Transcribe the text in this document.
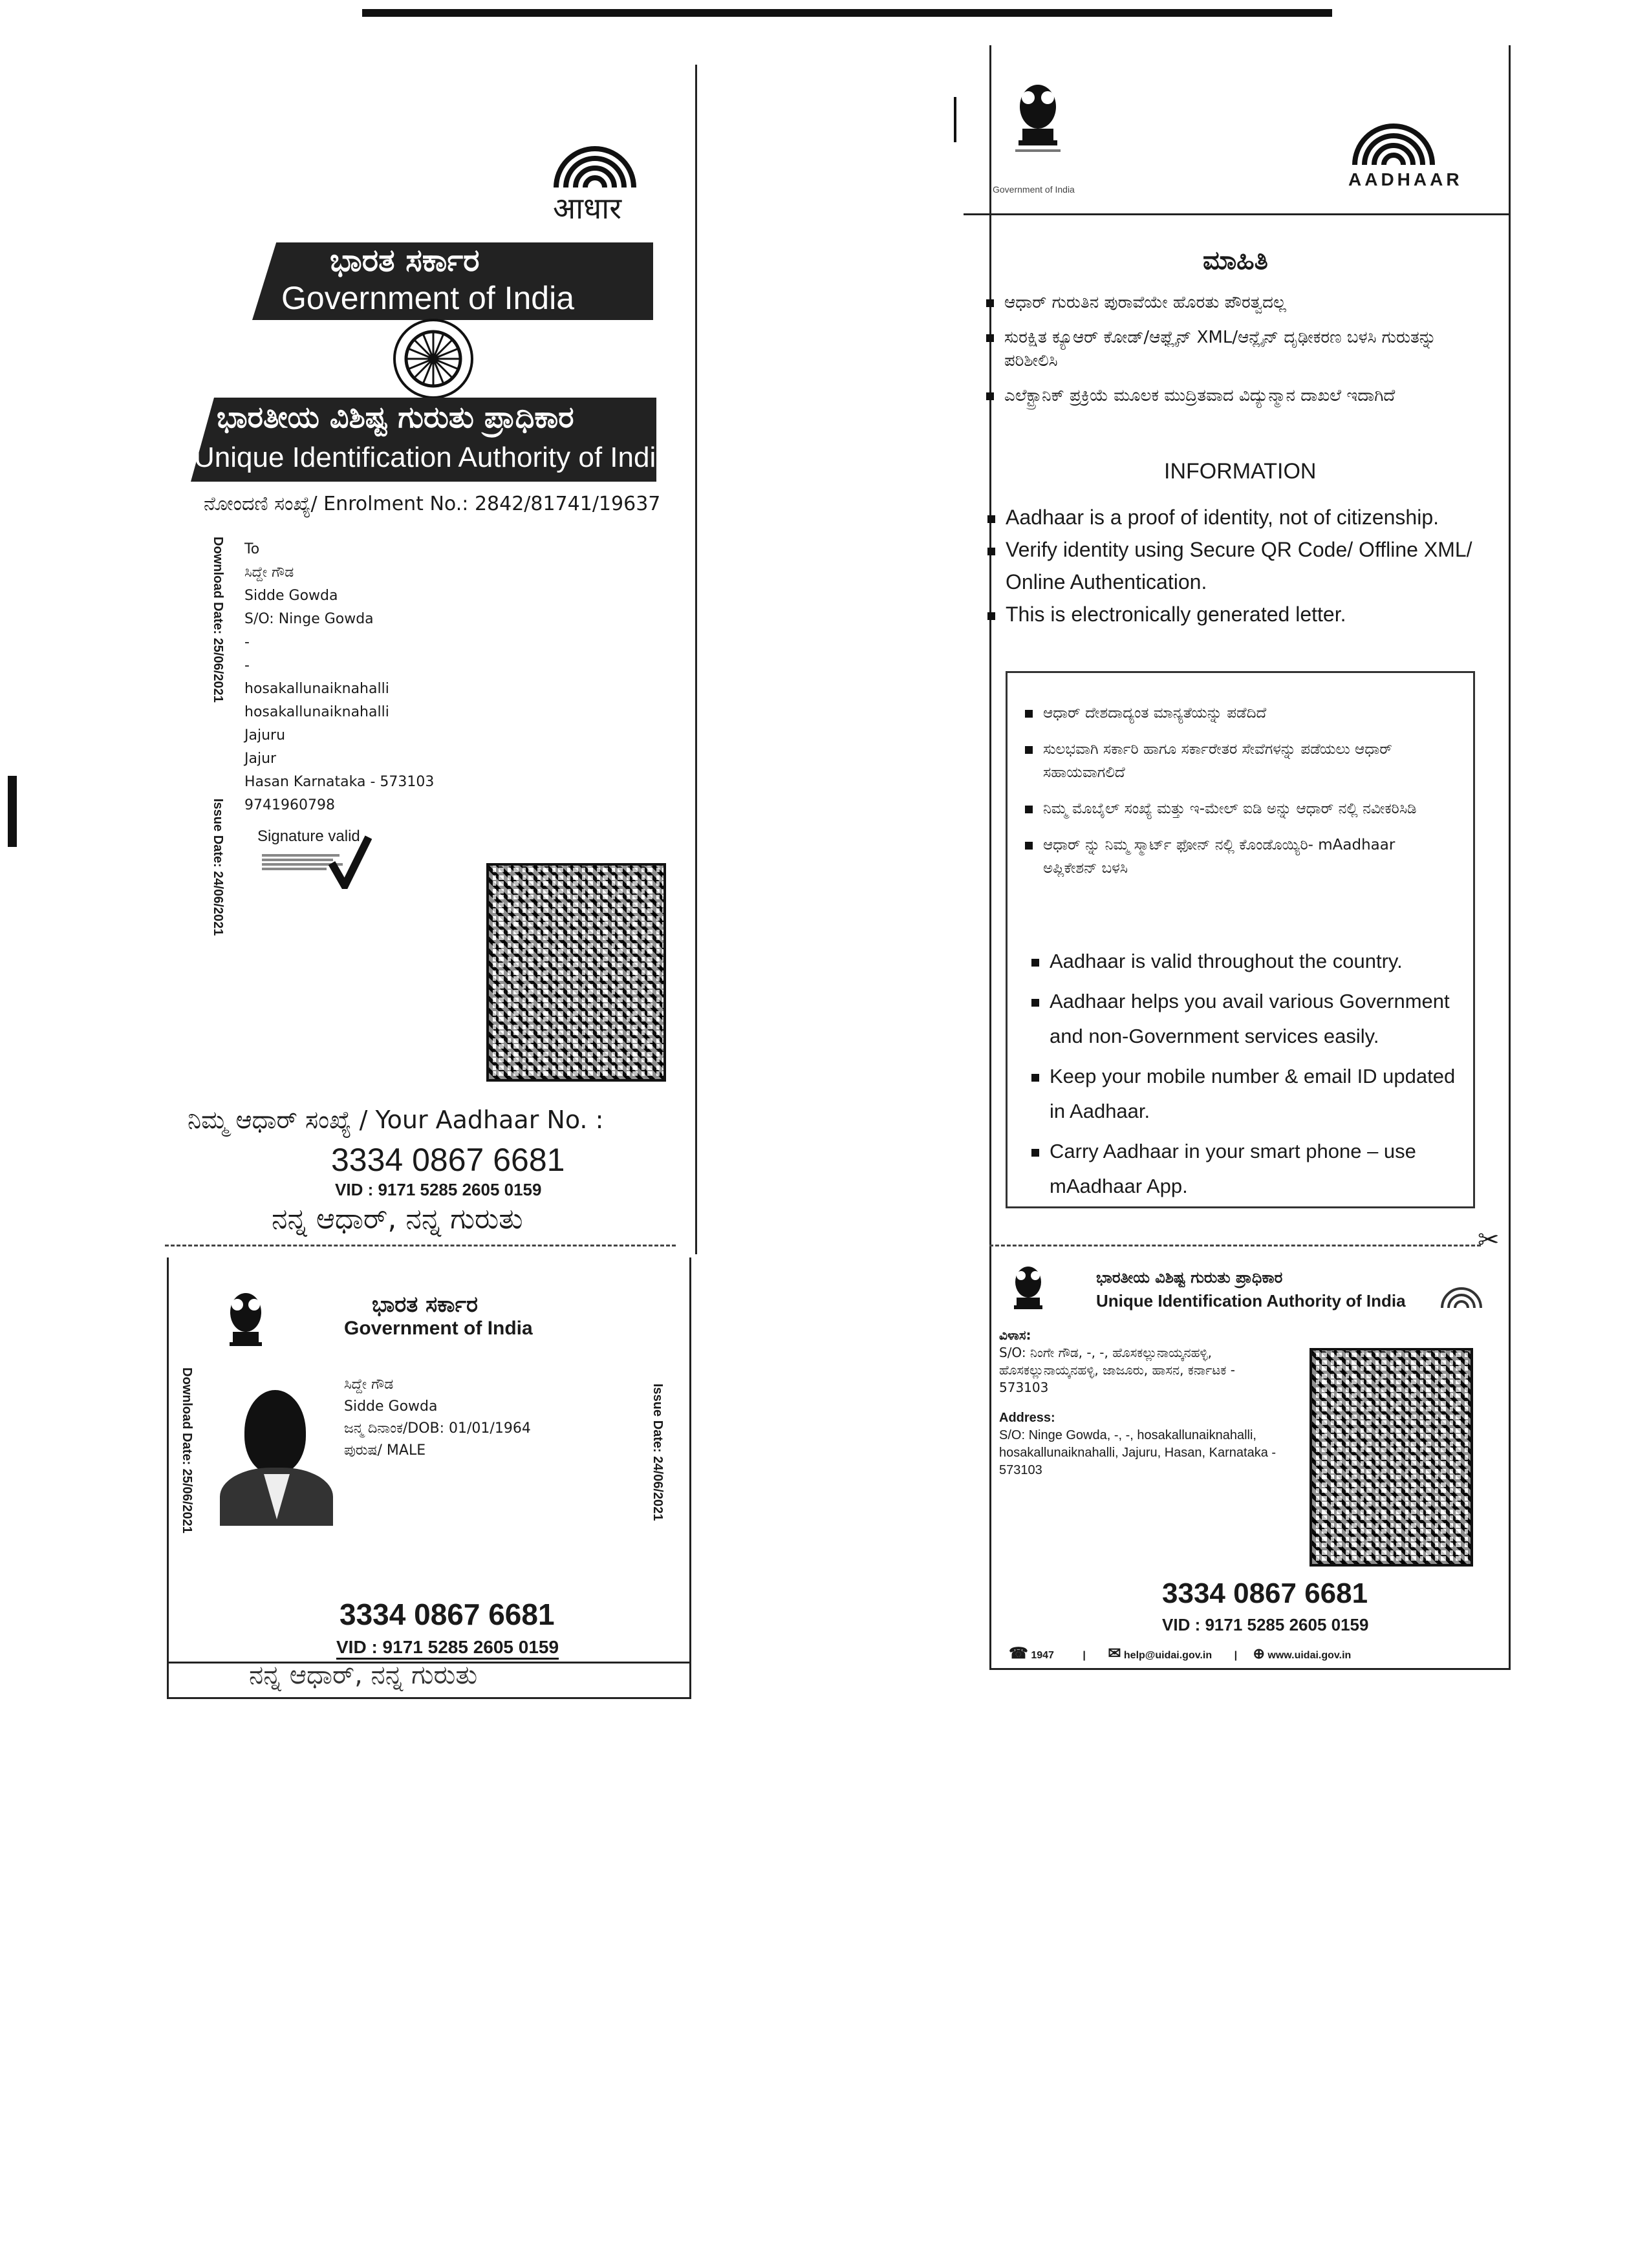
आधार
ಭಾರತ ಸರ್ಕಾರ
Government of India
ಭಾರತೀಯ ವಿಶಿಷ್ಟ ಗುರುತು ಪ್ರಾಧಿಕಾರ
Unique Identification Authority of India
ನೋಂದಣಿ ಸಂಖ್ಯೆ/ Enrolment No.: 2842/81741/19637
Download Date: 25/06/2021
Issue Date: 24/06/2021
To
ಸಿದ್ದೇ ಗೌಡ
Sidde Gowda
S/O: Ninge Gowda
-
-
hosakallunaiknahalli
hosakallunaiknahalli
Jajuru
Jajur
Hasan Karnataka - 573103
9741960798
Signature valid
ನಿಮ್ಮ ಆಧಾರ್ ಸಂಖ್ಯೆ / Your Aadhaar No. :
3334 0867 6681
VID : 9171 5285 2605 0159
ನನ್ನ ಆಧಾರ್, ನನ್ನ ಗುರುತು
ಭಾರತ ಸರ್ಕಾರ
Government of India
Download Date: 25/06/2021	Issue Date: 24/06/2021
ಸಿದ್ದೇ ಗೌಡ
Sidde Gowda
ಜನ್ಮ ದಿನಾಂಕ/DOB: 01/01/1964
ಪುರುಷ/ MALE
3334 0867 6681
VID : 9171 5285 2605 0159
ನನ್ನ ಆಧಾರ್, ನನ್ನ ಗುರುತು
Government of India	AADHAAR
ಮಾಹಿತಿ
ಆಧಾರ್ ಗುರುತಿನ ಪುರಾವೆಯೇ ಹೊರತು ಪೌರತ್ವದಲ್ಲ
ಸುರಕ್ಷಿತ ಕ್ಯೂಆರ್ ಕೋಡ್/ಆಫ್ಲೈನ್ XML/ಆನ್ಲೈನ್ ದೃಢೀಕರಣ ಬಳಸಿ ಗುರುತನ್ನು ಪರಿಶೀಲಿಸಿ
ಎಲೆಕ್ಟ್ರಾನಿಕ್ ಪ್ರಕ್ರಿಯೆ ಮೂಲಕ ಮುದ್ರಿತವಾದ ವಿದ್ಯುನ್ಮಾನ ದಾಖಲೆ ಇದಾಗಿದೆ
INFORMATION
Aadhaar is a proof of identity, not of citizenship.
Verify identity using Secure QR Code/ Offline XML/ Online Authentication.
This is electronically generated letter.
ಆಧಾರ್ ದೇಶದಾದ್ಯಂತ ಮಾನ್ಯತೆಯನ್ನು ಪಡೆದಿದೆ
ಸುಲಭವಾಗಿ ಸರ್ಕಾರಿ ಹಾಗೂ ಸರ್ಕಾರೇತರ ಸೇವೆಗಳನ್ನು ಪಡೆಯಲು ಆಧಾರ್ ಸಹಾಯವಾಗಲಿದೆ
ನಿಮ್ಮ ಮೊಬೈಲ್ ಸಂಖ್ಯೆ ಮತ್ತು ಇ-ಮೇಲ್ ಐಡಿ ಅನ್ನು ಆಧಾರ್ ನಲ್ಲಿ ನವೀಕರಿಸಿಡಿ
ಆಧಾರ್ ನ್ನು ನಿಮ್ಮ ಸ್ಮಾರ್ಟ್ ಫೋನ್ ನಲ್ಲಿ ಕೊಂಡೊಯ್ಯಿರಿ- mAadhaar ಅಪ್ಲಿಕೇಶನ್ ಬಳಸಿ
Aadhaar is valid throughout the country.
Aadhaar helps you avail various Government and non-Government services easily.
Keep your mobile number & email ID updated in Aadhaar.
Carry Aadhaar in your smart phone – use mAadhaar App.
✂
ಭಾರತೀಯ ವಿಶಿಷ್ಟ ಗುರುತು ಪ್ರಾಧಿಕಾರ
Unique Identification Authority of India
ವಿಳಾಸ:
S/O: ನಿಂಗೇ ಗೌಡ, -, -, ಹೊಸಕಲ್ಲುನಾಯ್ಕನಹಳ್ಳಿ, ಹೊಸಕಲ್ಲುನಾಯ್ಕನಹಳ್ಳಿ, ಜಾಜೂರು, ಹಾಸನ, ಕರ್ನಾಟಕ - 573103
Address:
S/O: Ninge Gowda, -, -, hosakallunaiknahalli, hosakallunaiknahalli, Jajuru, Hasan, Karnataka - 573103
3334 0867 6681
VID : 9171 5285 2605 0159
☎ 1947	| ✉ help@uidai.gov.in | ⊕ www.uidai.gov.in
